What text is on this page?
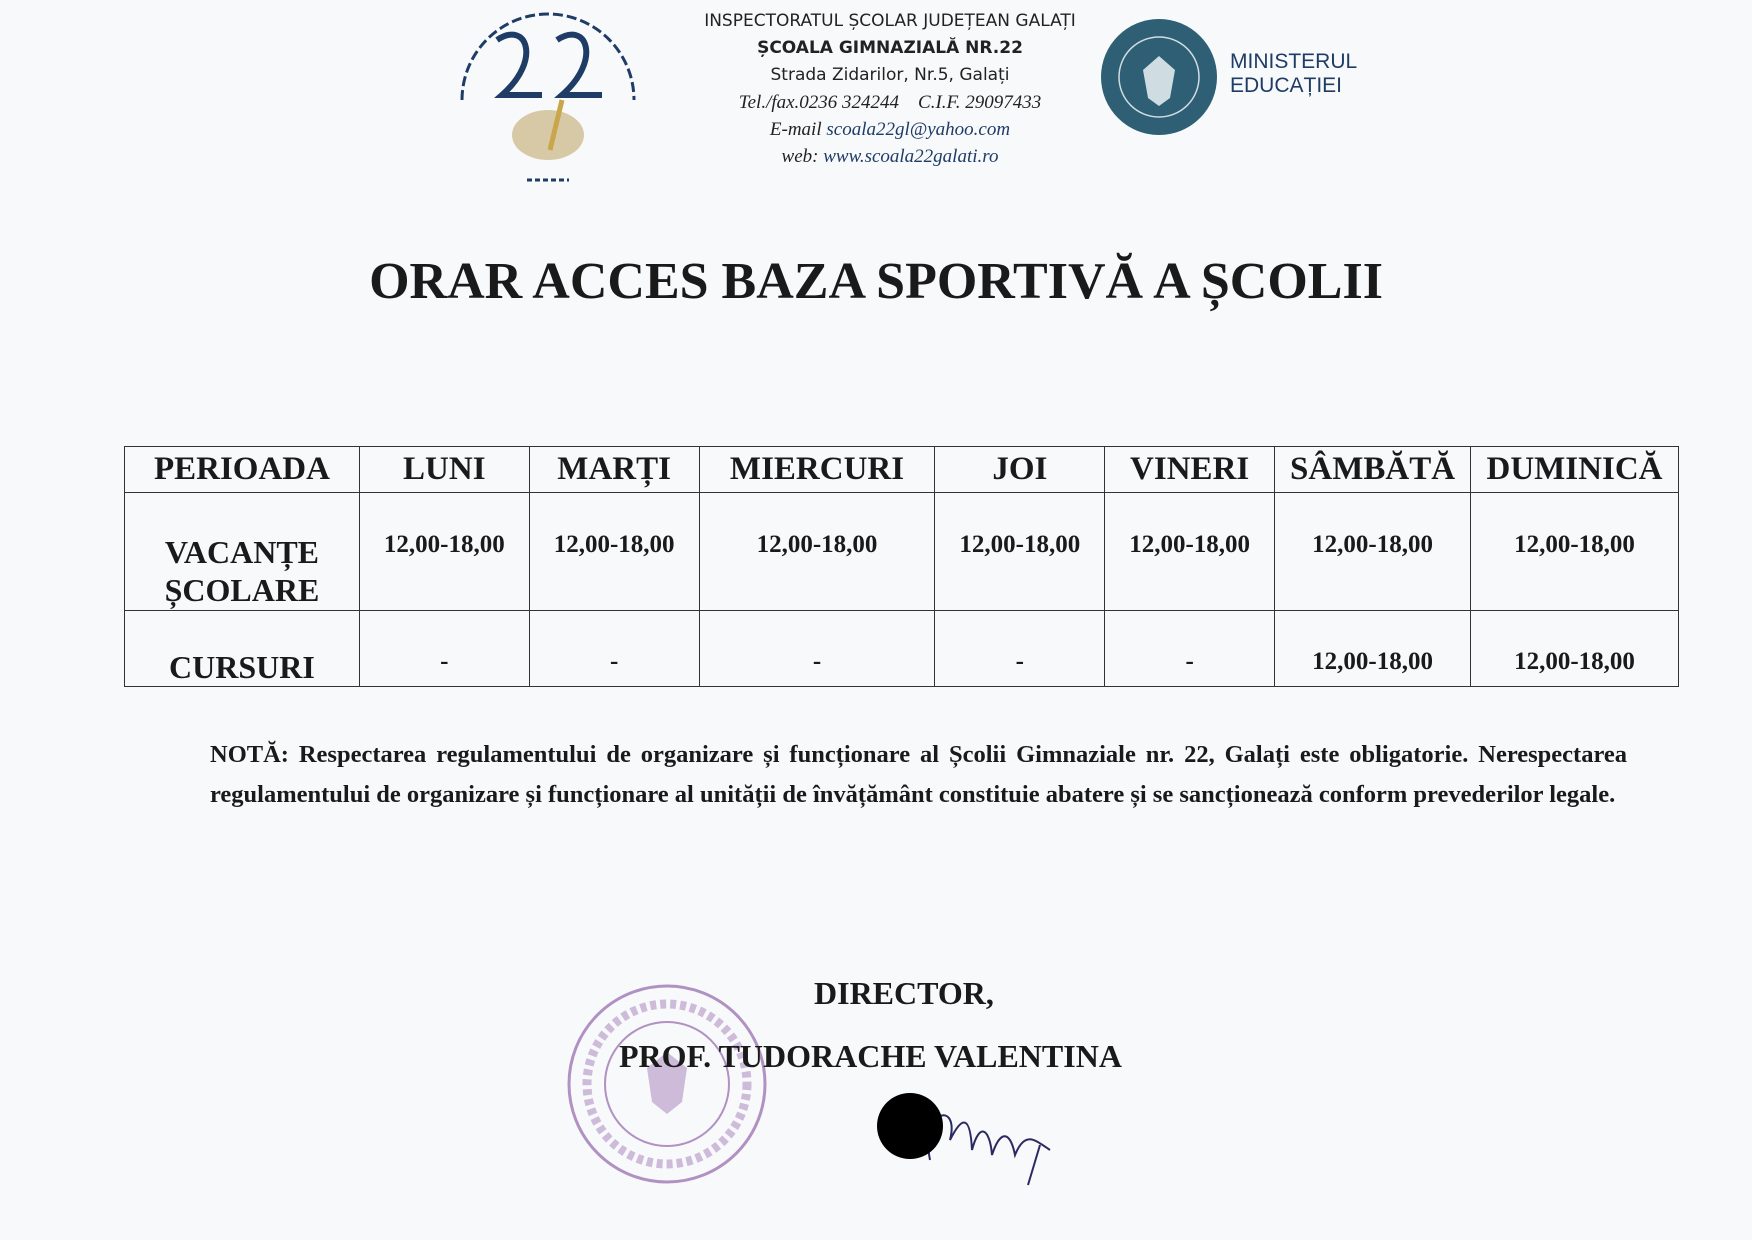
INSPECTORATUL ȘCOLAR JUDEȚEAN GALAȚI
ȘCOALA GIMNAZIALĂ NR.22
Strada Zidarilor, Nr.5, Galați
Tel./fax.0236 324244    C.I.F. 29097433
E-mail scoala22gl@yahoo.com
web: www.scoala22galati.ro
MINISTERUL
EDUCAȚIEI
ORAR ACCES BAZA SPORTIVĂ A ȘCOLII
PERIOADA	LUNI	MARȚI	MIERCURI	JOI	VINERI	SÂMBĂTĂ	DUMINICĂ
VACANȚE ȘCOLARE	12,00-18,00	12,00-18,00	12,00-18,00	12,00-18,00	12,00-18,00	12,00-18,00	12,00-18,00
CURSURI	-	-	-	-	-	12,00-18,00	12,00-18,00
NOTĂ: Respectarea regulamentului de organizare și funcționare al Școlii Gimnaziale nr. 22, Galați este obligatorie. Nerespectarea regulamentului de organizare și funcționare al unității de învățământ constituie abatere și se sancționează conform prevederilor legale.
DIRECTOR,
PROF. TUDORACHE VALENTINA
